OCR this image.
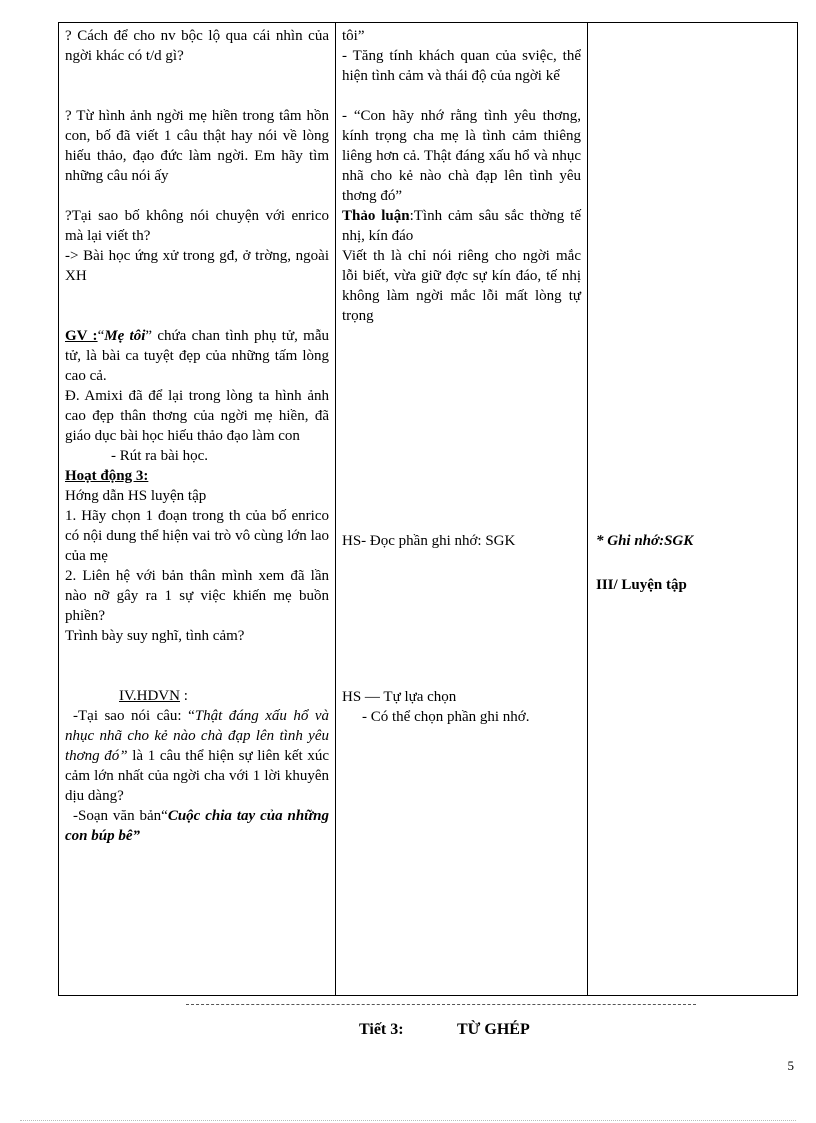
? Cách để cho nv bộc lộ qua cái nhìn của ngời khác có t/d gì?

? Từ hình ảnh ngời mẹ hiền trong tâm hồn con, bố đã viết 1 câu thật hay nói về lòng hiếu thảo, đạo đức làm ngời. Em hãy tìm những câu nói ấy

?Tại sao bố không nói chuyện với enrico mà lại viết th?

-> Bài học ứng xử trong gđ, ở trờng, ngoài XH

GV :“Mẹ tôi” chứa chan tình phụ tử, mẫu tử, là bài ca tuyệt đẹp của những tấm lòng cao cả.

Đ. Amixi đã để lại trong lòng ta hình ảnh cao đẹp thân thơng của ngời mẹ hiền, đã giáo dục bài học hiếu thảo đạo làm con

- Rút ra bài học.

Hoạt động 3:

Hớng dẫn HS luyện tập

1. Hãy chọn 1 đoạn trong th của bố enrico có nội dung thể hiện vai trò vô cùng lớn lao của mẹ

2. Liên hệ với bản thân mình xem đã lần nào nỡ gây ra 1 sự việc khiến mẹ buồn phiền?

Trình bày suy nghĩ, tình cảm?

IV.HDVN :

-Tại sao nói câu: “Thật đáng xấu hổ và nhục nhã cho kẻ nào chà đạp lên tình yêu thơng đó” là 1 câu thể hiện sự liên kết xúc cảm lớn nhất của ngời cha với 1 lời khuyên dịu dàng?

-Soạn văn bản“Cuộc chia tay của những con búp bê”

tôi”

- Tăng tính khách quan của sviệc, thể hiện tình cảm và thái độ của ngời kể

- “Con hãy nhớ rằng tình yêu thơng, kính trọng cha mẹ là tình cảm thiêng liêng hơn cả. Thật đáng xấu hổ và nhục nhã cho kẻ nào chà đạp lên tình yêu thơng đó”

Thảo luận:Tình cảm sâu sắc thờng tế nhị, kín đáo

Viết th là chỉ nói riêng cho ngời mắc lỗi biết, vừa giữ đợc sự kín đáo, tế nhị không làm ngời mắc lỗi mất lòng tự trọng

HS- Đọc phần ghi nhớ: SGK

HS — Tự lựa chọn

- Có thể chọn phần ghi nhớ.

* Ghi nhớ:SGK

III/ Luyện tập

Tiết 3:	TỪ GHÉP
5
